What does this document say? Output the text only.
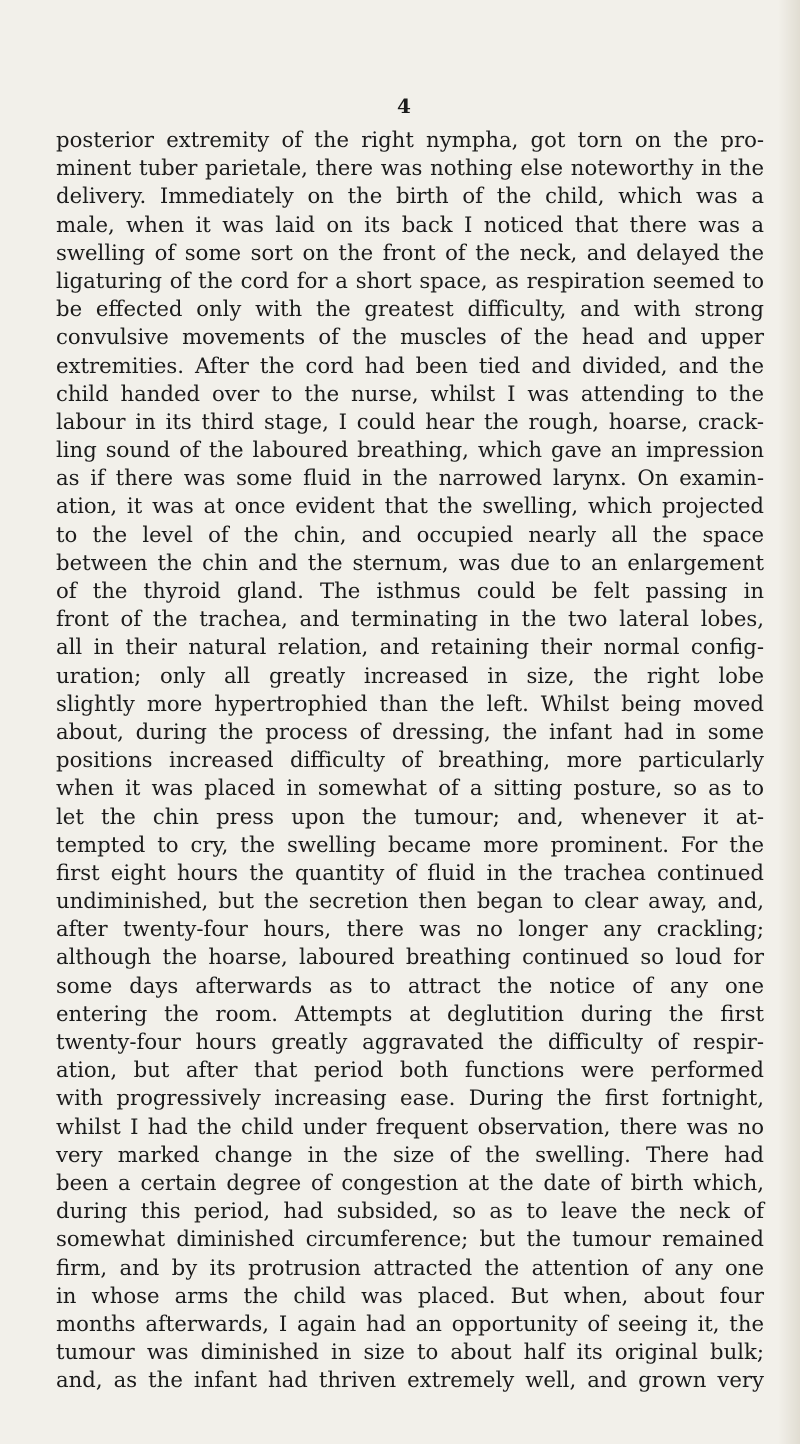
4
posterior extremity of the right nympha, got torn on the pro-
minent tuber parietale, there was nothing else noteworthy in the
delivery. Immediately on the birth of the child, which was a
male, when it was laid on its back I noticed that there was a
swelling of some sort on the front of the neck, and delayed the
ligaturing of the cord for a short space, as respiration seemed to
be effected only with the greatest difficulty, and with strong
convulsive movements of the muscles of the head and upper
extremities. After the cord had been tied and divided, and the
child handed over to the nurse, whilst I was attending to the
labour in its third stage, I could hear the rough, hoarse, crack-
ling sound of the laboured breathing, which gave an impression
as if there was some fluid in the narrowed larynx. On examin-
ation, it was at once evident that the swelling, which projected
to the level of the chin, and occupied nearly all the space
between the chin and the sternum, was due to an enlargement
of the thyroid gland. The isthmus could be felt passing in
front of the trachea, and terminating in the two lateral lobes,
all in their natural relation, and retaining their normal config-
uration; only all greatly increased in size, the right lobe
slightly more hypertrophied than the left. Whilst being moved
about, during the process of dressing, the infant had in some
positions increased difficulty of breathing, more particularly
when it was placed in somewhat of a sitting posture, so as to
let the chin press upon the tumour; and, whenever it at-
tempted to cry, the swelling became more prominent. For the
first eight hours the quantity of fluid in the trachea continued
undiminished, but the secretion then began to clear away, and,
after twenty-four hours, there was no longer any crackling;
although the hoarse, laboured breathing continued so loud for
some days afterwards as to attract the notice of any one
entering the room. Attempts at deglutition during the first
twenty-four hours greatly aggravated the difficulty of respir-
ation, but after that period both functions were performed
with progressively increasing ease. During the first fortnight,
whilst I had the child under frequent observation, there was no
very marked change in the size of the swelling. There had
been a certain degree of congestion at the date of birth which,
during this period, had subsided, so as to leave the neck of
somewhat diminished circumference; but the tumour remained
firm, and by its protrusion attracted the attention of any one
in whose arms the child was placed. But when, about four
months afterwards, I again had an opportunity of seeing it, the
tumour was diminished in size to about half its original bulk;
and, as the infant had thriven extremely well, and grown very
